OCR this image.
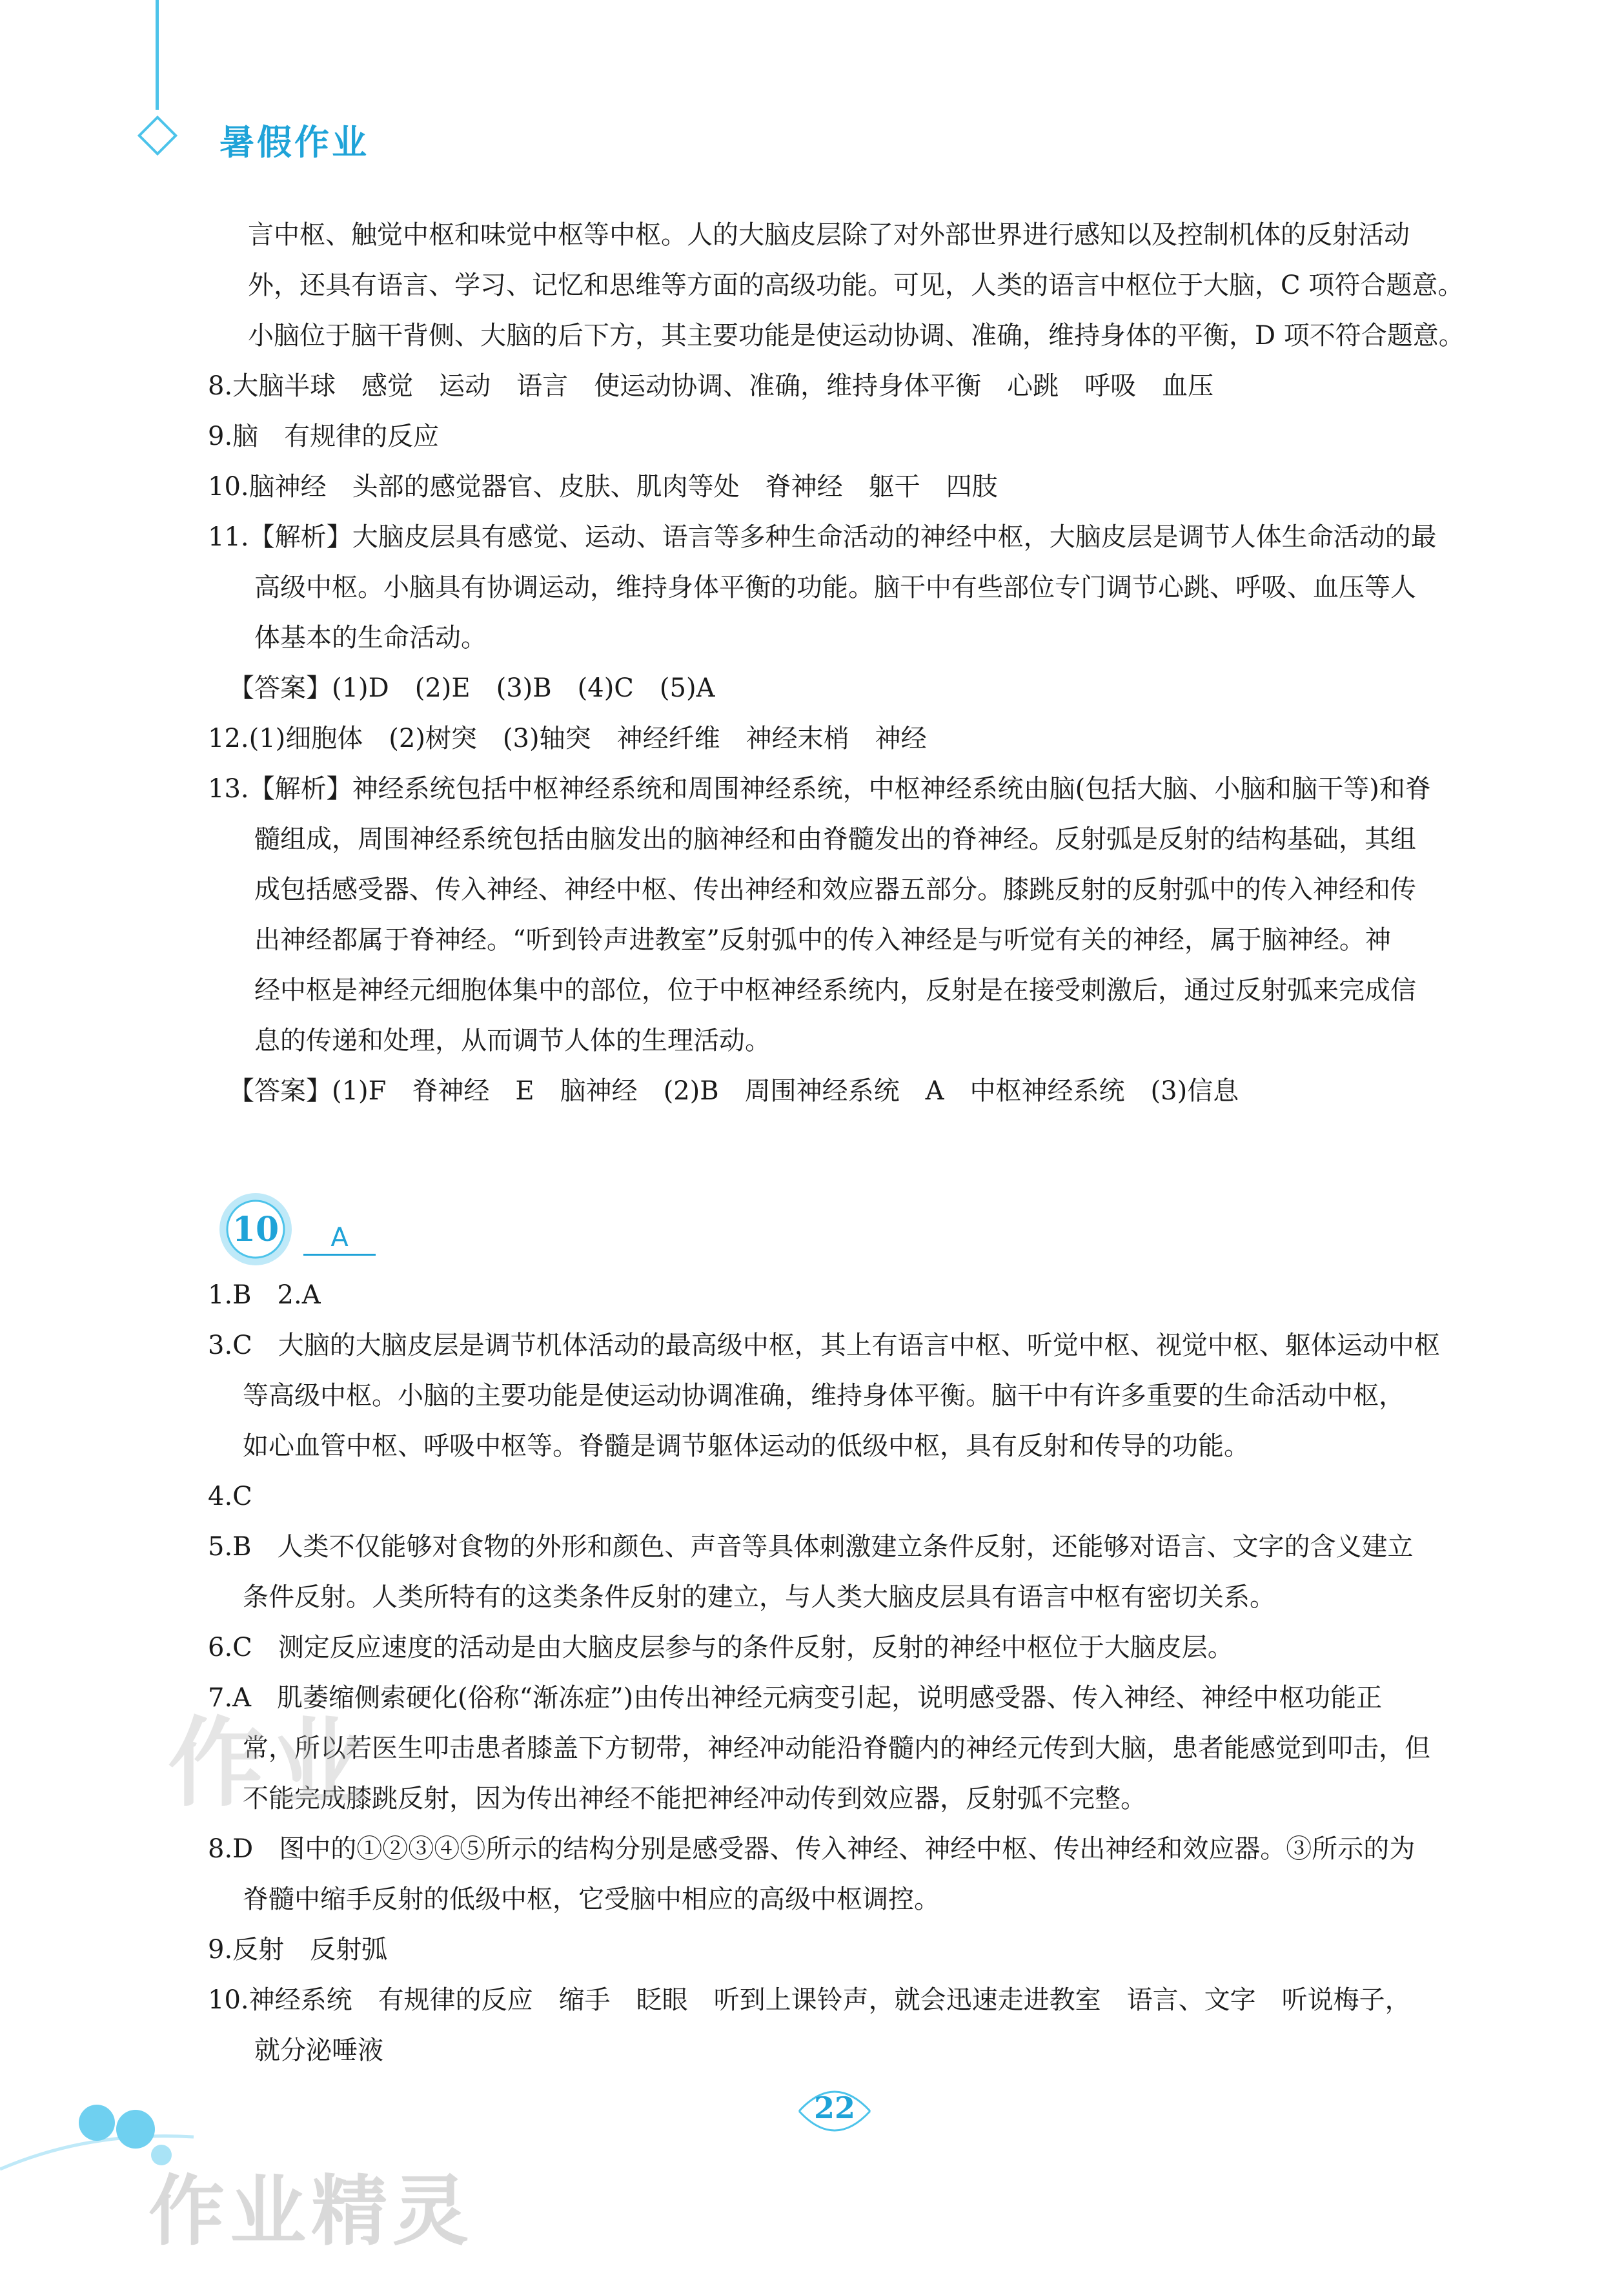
暑假作业
言中枢、触觉中枢和味觉中枢等中枢。人的大脑皮层除了对外部世界进行感知以及控制机体的反射活动
外，还具有语言、学习、记忆和思维等方面的高级功能。可见，人类的语言中枢位于大脑，C 项符合题意。
小脑位于脑干背侧、大脑的后下方，其主要功能是使运动协调、准确，维持身体的平衡，D 项不符合题意。
8.大脑半球　感觉　运动　语言　使运动协调、准确，维持身体平衡　心跳　呼吸　血压
9.脑　有规律的反应
10.脑神经　头部的感觉器官、皮肤、肌肉等处　脊神经　躯干　四肢
11.【解析】大脑皮层具有感觉、运动、语言等多种生命活动的神经中枢，大脑皮层是调节人体生命活动的最
高级中枢。小脑具有协调运动，维持身体平衡的功能。脑干中有些部位专门调节心跳、呼吸、血压等人
体基本的生命活动。
【答案】(1)D　(2)E　(3)B　(4)C　(5)A
12.(1)细胞体　(2)树突　(3)轴突　神经纤维　神经末梢　神经
13.【解析】神经系统包括中枢神经系统和周围神经系统，中枢神经系统由脑(包括大脑、小脑和脑干等)和脊
髓组成，周围神经系统包括由脑发出的脑神经和由脊髓发出的脊神经。反射弧是反射的结构基础，其组
成包括感受器、传入神经、神经中枢、传出神经和效应器五部分。膝跳反射的反射弧中的传入神经和传
出神经都属于脊神经。“听到铃声进教室”反射弧中的传入神经是与听觉有关的神经，属于脑神经。神
经中枢是神经元细胞体集中的部位，位于中枢神经系统内，反射是在接受刺激后，通过反射弧来完成信
息的传递和处理，从而调节人体的生理活动。
【答案】(1)F　脊神经　E　脑神经　(2)B　周围神经系统　A　中枢神经系统　(3)信息
10	A
1.B　2.A
3.C　大脑的大脑皮层是调节机体活动的最高级中枢，其上有语言中枢、听觉中枢、视觉中枢、躯体运动中枢
等高级中枢。小脑的主要功能是使运动协调准确，维持身体平衡。脑干中有许多重要的生命活动中枢，
如心血管中枢、呼吸中枢等。脊髓是调节躯体运动的低级中枢，具有反射和传导的功能。
4.C
5.B　人类不仅能够对食物的外形和颜色、声音等具体刺激建立条件反射，还能够对语言、文字的含义建立
条件反射。人类所特有的这类条件反射的建立，与人类大脑皮层具有语言中枢有密切关系。
6.C　测定反应速度的活动是由大脑皮层参与的条件反射，反射的神经中枢位于大脑皮层。
7.A　肌萎缩侧索硬化(俗称“渐冻症”)由传出神经元病变引起，说明感受器、传入神经、神经中枢功能正
常，所以若医生叩击患者膝盖下方韧带，神经冲动能沿脊髓内的神经元传到大脑，患者能感觉到叩击，但
不能完成膝跳反射，因为传出神经不能把神经冲动传到效应器，反射弧不完整。
8.D　图中的①②③④⑤所示的结构分别是感受器、传入神经、神经中枢、传出神经和效应器。③所示的为
脊髓中缩手反射的低级中枢，它受脑中相应的高级中枢调控。
9.反射　反射弧
10.神经系统　有规律的反应　缩手　眨眼　听到上课铃声，就会迅速走进教室　语言、文字　听说梅子，
就分泌唾液
作业
22
作业精灵
